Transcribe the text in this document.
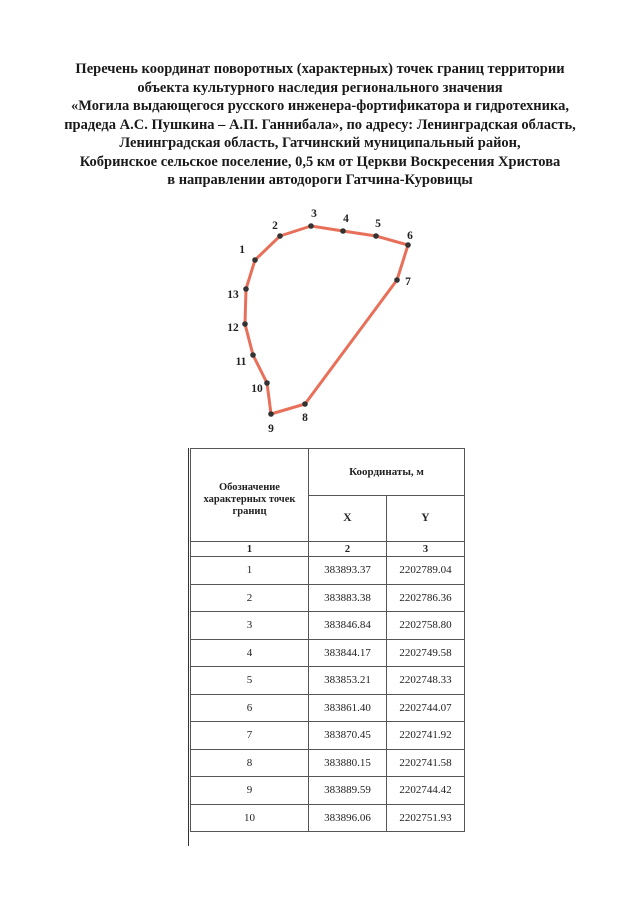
Перечень координат поворотных (характерных) точек границ территории
объекта культурного наследия регионального значения
«Могила выдающегося русского инженера-фортификатора и гидротехника,
прадеда А.С. Пушкина – А.П. Ганнибала», по адресу: Ленинградская область,
Ленинградская область, Гатчинский муниципальный район,
Кобринское сельское поселение, 0,5 км от Церкви Воскресения Христова
в направлении автодороги Гатчина-Куровицы
1
2
3 4 5
6
7
8
9
10
11
12
13
Обозначение характерных точек границ	Координаты, м	
	X	Y
1	2	3
1	383893.37	2202789.04
2	383883.38	2202786.36
3	383846.84	2202758.80
4	383844.17	2202749.58
5	383853.21	2202748.33
6	383861.40	2202744.07
7	383870.45	2202741.92
8	383880.15	2202741.58
9	383889.59	2202744.42
10	383896.06	2202751.93
